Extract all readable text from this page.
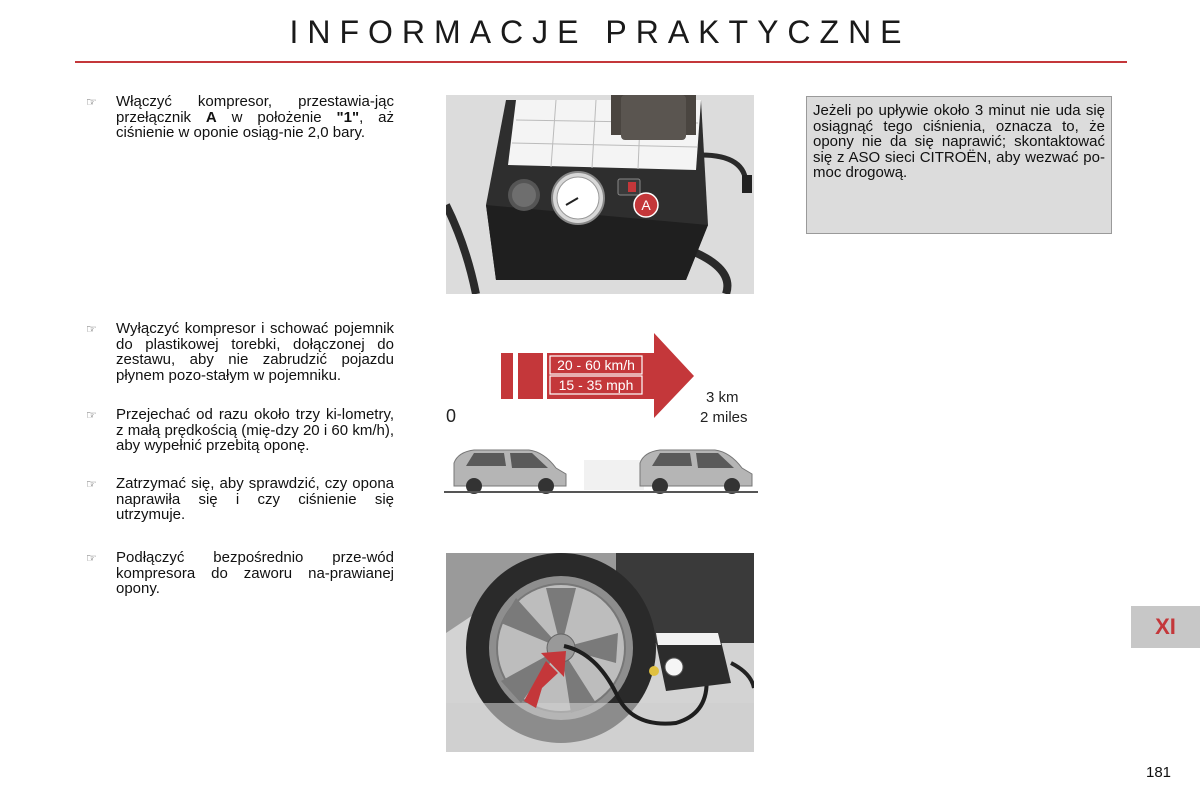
INFORMACJE PRAKTYCZNE
☞ Włączyć kompresor, przestawia-jąc przełącznik A w położenie "1", aż ciśnienie w oponie osiąg-nie 2,0 bary.
☞ Wyłączyć kompresor i schować pojemnik do plastikowej torebki, dołączonej do zestawu, aby nie zabrudzić pojazdu płynem pozo-stałym w pojemniku.
☞ Przejechać od razu około trzy ki-lometry, z małą prędkością (mię-dzy 20 i 60 km/h), aby wypełnić przebitą oponę.
☞ Zatrzymać się, aby sprawdzić, czy opona naprawiła się i czy ciśnienie się utrzymuje.
☞ Podłączyć bezpośrednio prze-wód kompresora do zaworu na-prawianej opony.
A
20 - 60 km/h
15 - 35 mph
0
3 km
2 miles
Jeżeli po upływie około 3 minut nie uda się osiągnąć tego ciśnienia, oznacza to, że opony nie da się naprawić; skontaktować się z ASO sieci CITROËN, aby wezwać po-moc drogową.
XI
181
